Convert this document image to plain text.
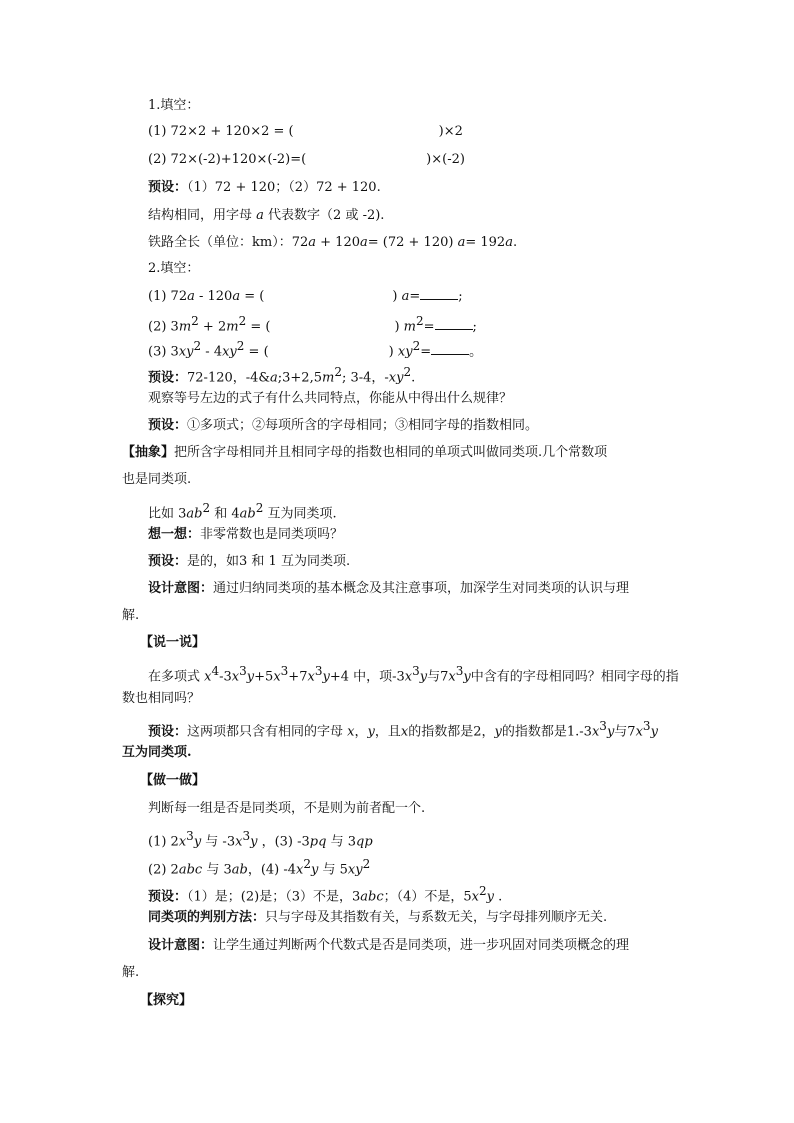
1.填空：
(1) 72×2 + 120×2 = (	)×2
(2) 72×(-2)+120×(-2)=(	)×(-2)
预设：（1）72 + 120；（2）72 + 120.
结构相同，用字母 a 代表数字（2 或 -2).
铁路全长（单位：km）：72a + 120a= (72 + 120) a= 192a.
2.填空：
(1) 72a - 120a = (	) a=	;
(2) $3m^2 + 2m^2$ = (	) $m^2=$	;
(3) $3xy^2 - 4xy^2$ = (	) $xy^2=$	。
预设：72-120，$-4\&a;3+2,5m^2$; 3-4，$-xy^2$.
观察等号左边的式子有什么共同特点，你能从中得出什么规律？
预设：①多项式；②每项所含的字母相同；③相同字母的指数相同。
【抽象】把所含字母相同并且相同字母的指数也相同的单项式叫做同类项.几个常数项
也是同类项.
比如 $3ab^2$ 和 $4ab^2$ 互为同类项.
想一想：非零常数也是同类项吗？
预设：是的，如3 和 1 互为同类项.
设计意图：通过归纳同类项的基本概念及其注意事项，加深学生对同类项的认识与理
解.
【说一说】
在多项式 $x^4-3x^3y+5x^3+7x^3y+4$ 中，项$-3x^3y$与$7x^3y$中含有的字母相同吗？相同字母的指
数也相同吗？
预设：这两项都只含有相同的字母 x，y，且x的指数都是2，y的指数都是$1.-3x^3y$与$7x^3y$
互为同类项.
【做一做】
判断每一组是否是同类项，不是则为前者配一个.
(1) $2x^3y$ 与 $-3x^3y$ ，(3) -3pq 与 3qp
(2) 2abc 与 3ab，(4) $-4x^2y$ 与 $5xy^2$
预设：（1）是；(2)是；（3）不是，3abc；（4）不是，$5x^2y$ .
同类项的判别方法：只与字母及其指数有关，与系数无关，与字母排列顺序无关.
设计意图：让学生通过判断两个代数式是否是同类项，进一步巩固对同类项概念的理
解.
【探究】
